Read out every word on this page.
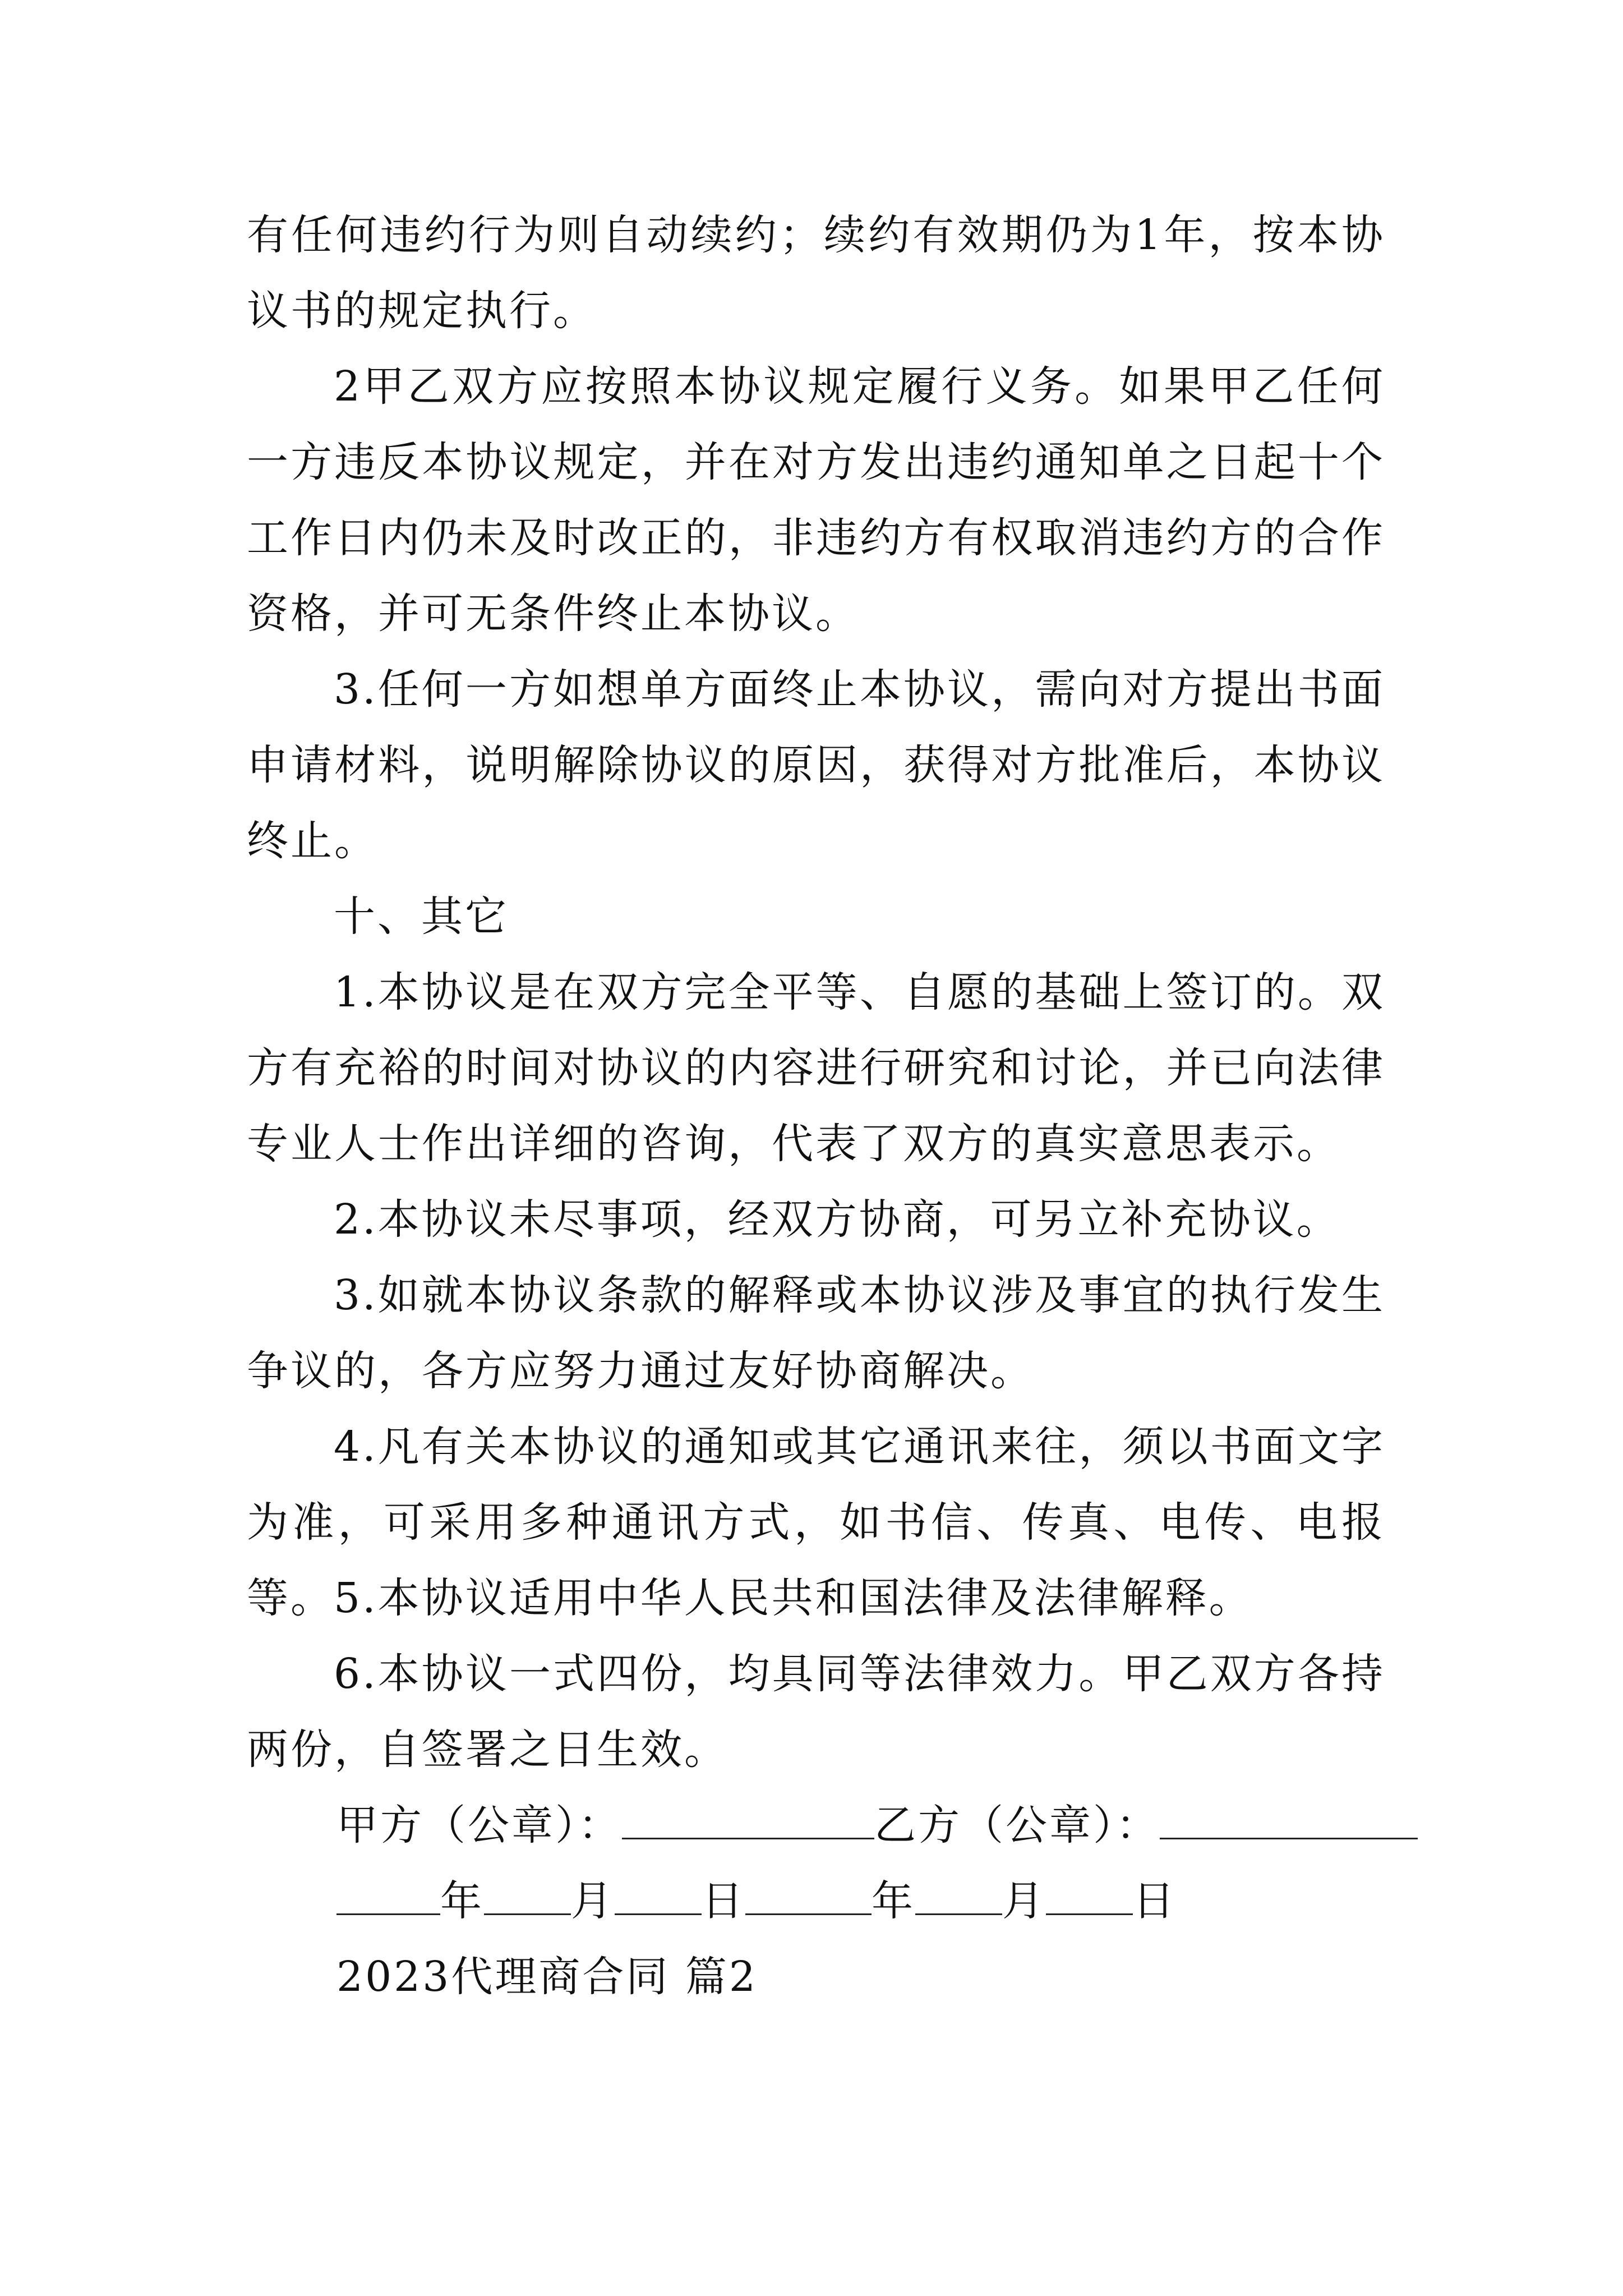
有任何违约行为则自动续约；续约有效期仍为1年，按本协议书的规定执行。

2甲乙双方应按照本协议规定履行义务。如果甲乙任何一方违反本协议规定，并在对方发出违约通知单之日起十个工作日内仍未及时改正的，非违约方有权取消违约方的合作资格，并可无条件终止本协议。

3.任何一方如想单方面终止本协议，需向对方提出书面申请材料，说明解除协议的原因，获得对方批准后，本协议终止。

十、其它

1.本协议是在双方完全平等、自愿的基础上签订的。双方有充裕的时间对协议的内容进行研究和讨论，并已向法律专业人士作出详细的咨询，代表了双方的真实意思表示。

2.本协议未尽事项，经双方协商，可另立补充协议。

3.如就本协议条款的解释或本协议涉及事宜的执行发生争议的，各方应努力通过友好协商解决。

4.凡有关本协议的通知或其它通讯来往，须以书面文字为准，可采用多种通讯方式，如书信、传真、电传、电报等。 5.本协议适用中华人民共和国法律及法律解释。

6.本协议一式四份，均具同等法律效力。甲乙双方各持两份，自签署之日生效。

甲方（公章）：	乙方（公章）：
年 月 日	年 月 日

2023代理商合同 篇2
